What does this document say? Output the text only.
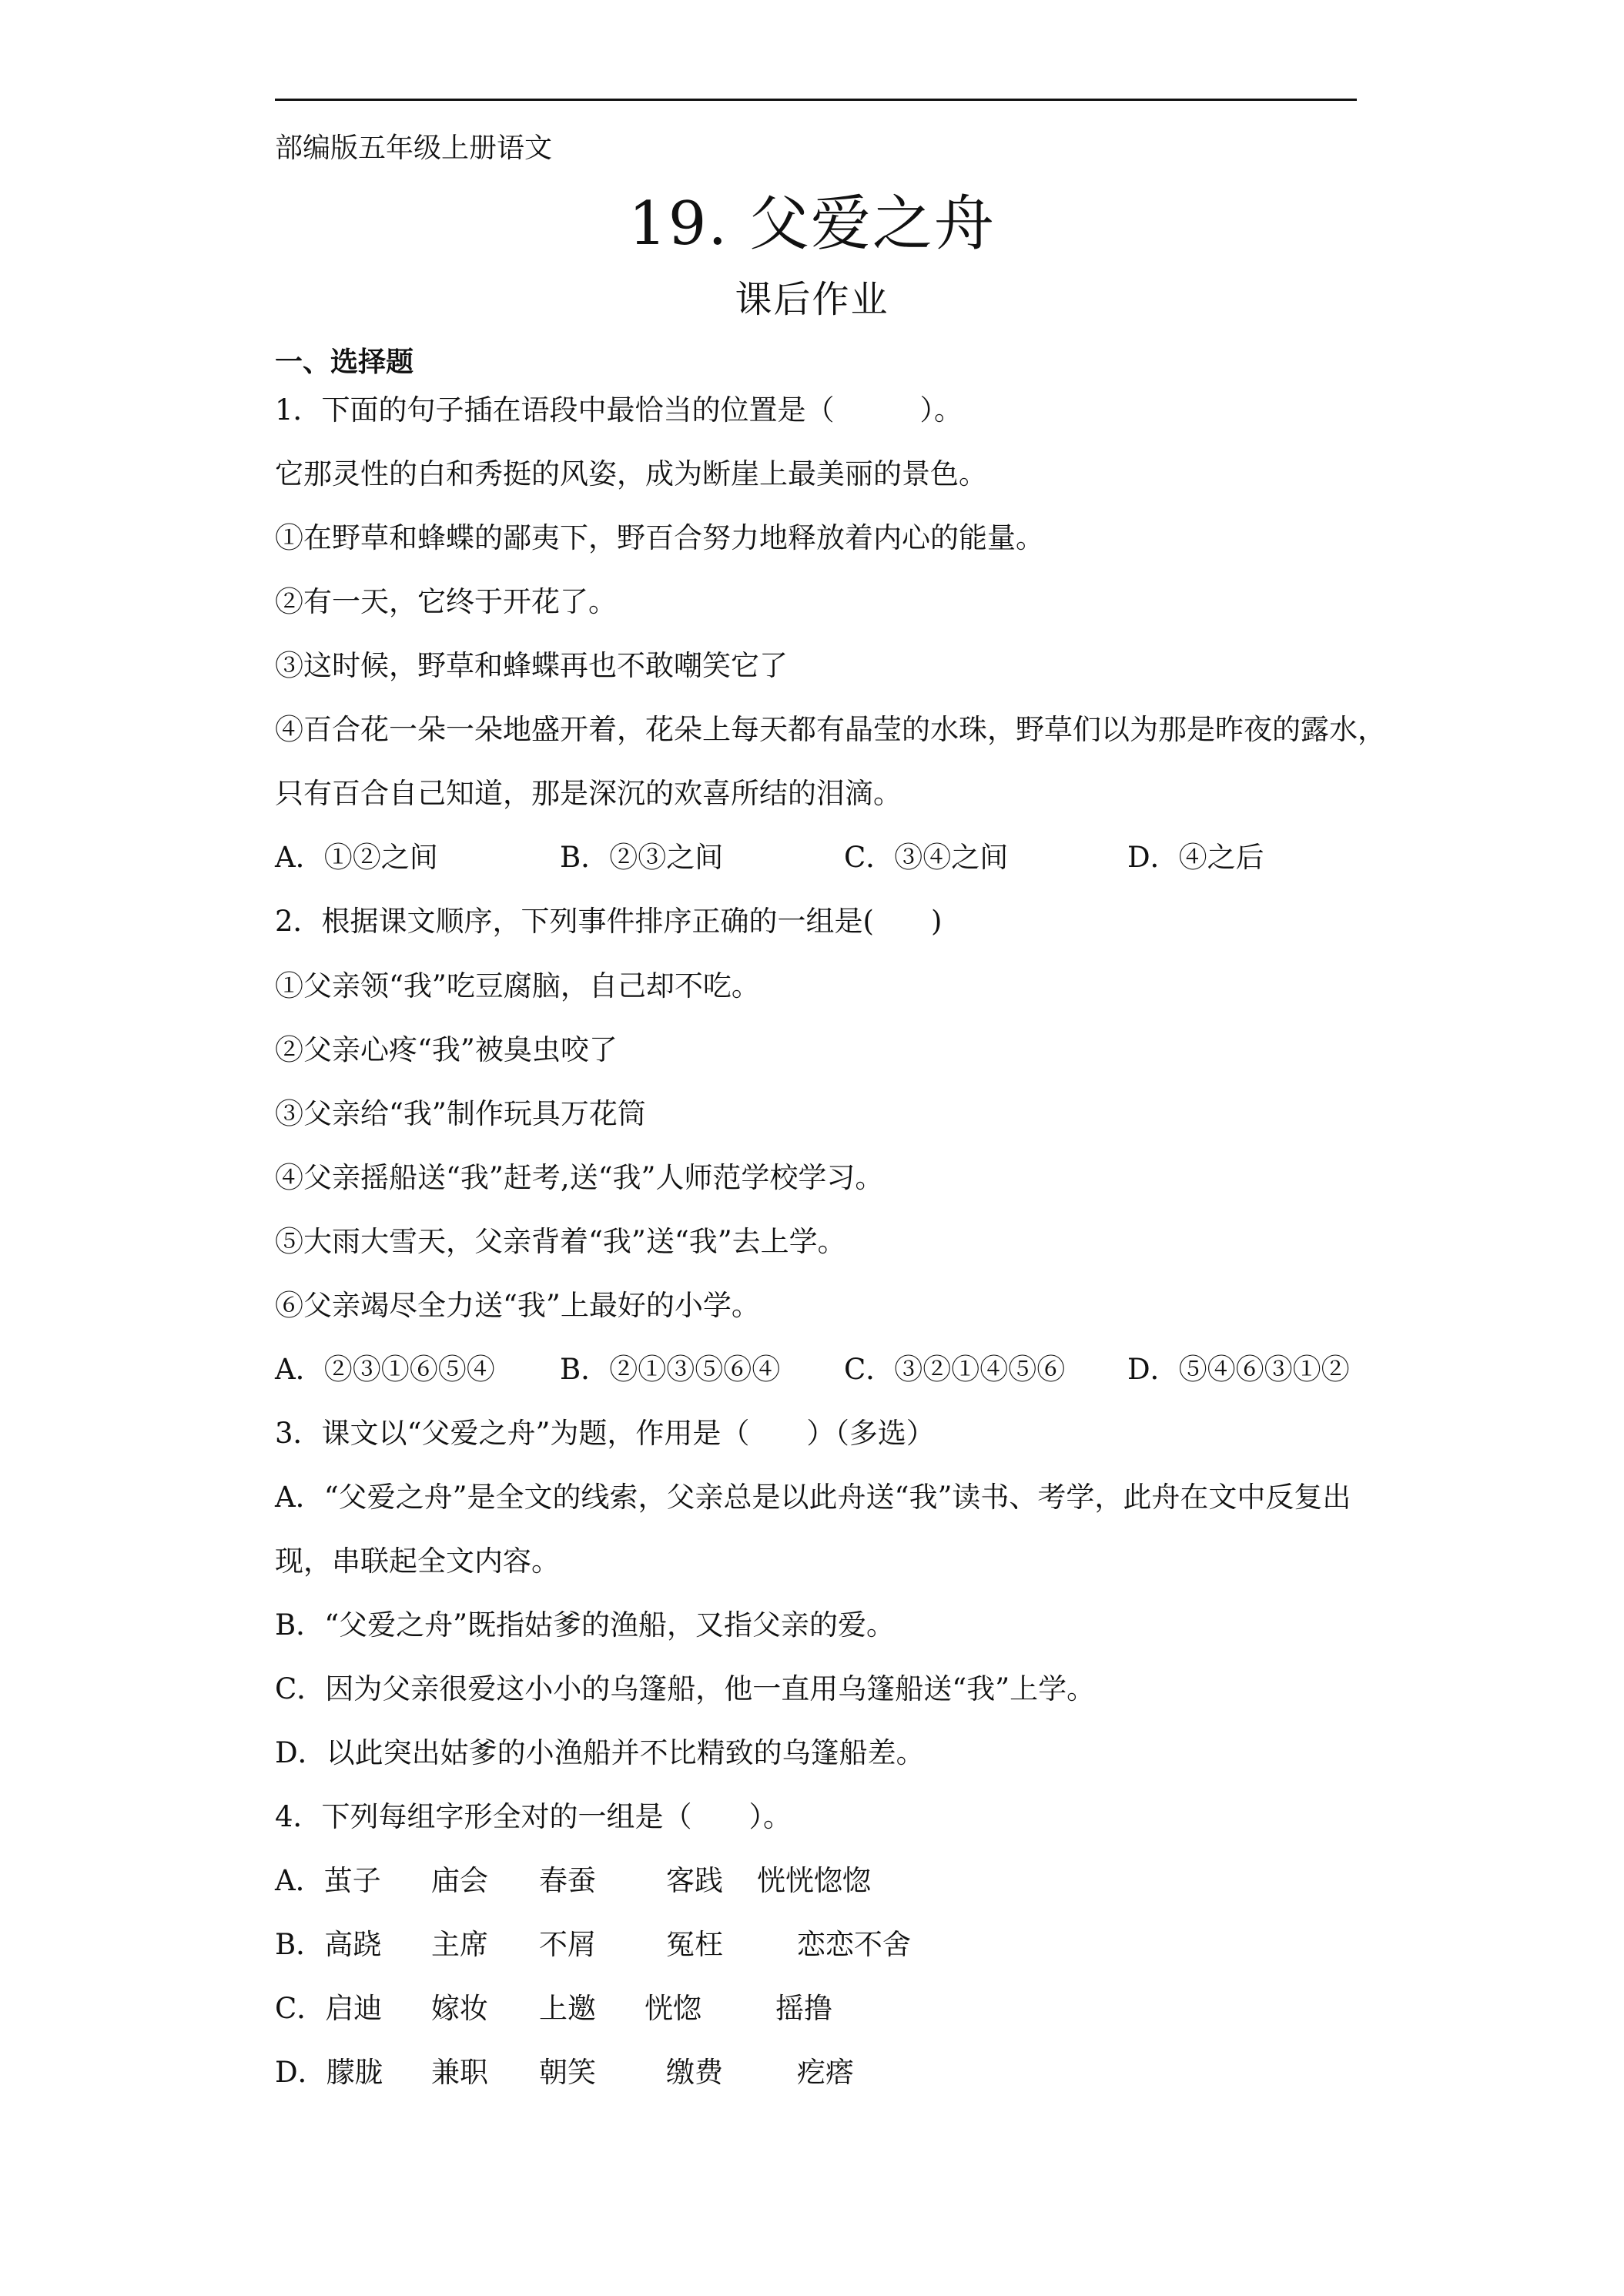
部编版五年级上册语文
19. 父爱之舟
课后作业
一、选择题
1．下面的句子插在语段中最恰当的位置是（　　　）。
它那灵性的白和秀挺的风姿，成为断崖上最美丽的景色。
①在野草和蜂蝶的鄙夷下，野百合努力地释放着内心的能量。
②有一天，它终于开花了。
③这时候，野草和蜂蝶再也不敢嘲笑它了
④百合花一朵一朵地盛开着，花朵上每天都有晶莹的水珠，野草们以为那是昨夜的露水，
只有百合自己知道，那是深沉的欢喜所结的泪滴。
A．①②之间	B．②③之间	C．③④之间	D．④之后
2．根据课文顺序，下列事件排序正确的一组是(　　)
①父亲领“我”吃豆腐脑，自己却不吃。
②父亲心疼“我”被臭虫咬了
③父亲给“我”制作玩具万花筒
④父亲摇船送“我”赶考,送“我”人师范学校学习。
⑤大雨大雪天，父亲背着“我”送“我”去上学。
⑥父亲竭尽全力送“我”上最好的小学。
A．②③①⑥⑤④ B．②①③⑤⑥④ C．③②①④⑤⑥ D．⑤④⑥③①②
3．课文以“父爱之舟”为题，作用是（　　）（多选）
A．“父爱之舟”是全文的线索，父亲总是以此舟送“我”读书、考学，此舟在文中反复出
现，串联起全文内容。
B．“父爱之舟”既指姑爹的渔船，又指父亲的爱。
C．因为父亲很爱这小小的乌篷船，他一直用乌篷船送“我”上学。
D．以此突出姑爹的小渔船并不比精致的乌篷船差。
4．下列每组字形全对的一组是（　　）。
A．茧子 庙会 春蚕 客践 恍恍惚惚
B．高跷 主席 不屑 冤枉	恋恋不舍
C．启迪 嫁妆 上邀 恍惚	摇撸
D．朦胧 兼职 朝笑 缴费	疙瘩
